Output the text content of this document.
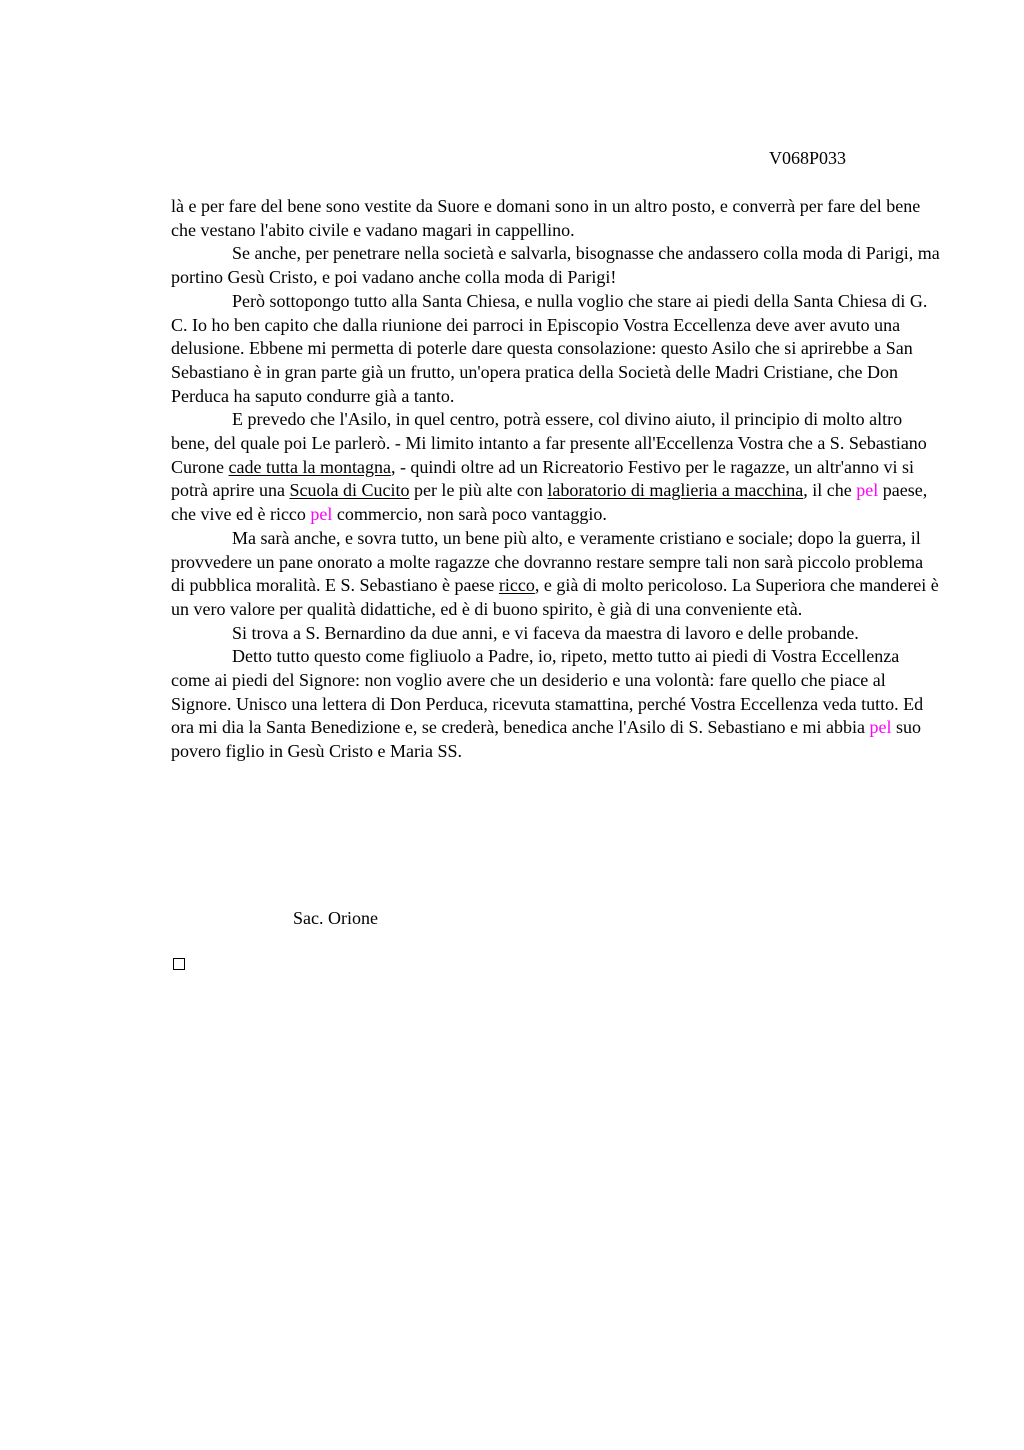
V068P033

là e per fare del bene sono vestite da Suore e domani sono in un altro posto, e converrà per fare del bene che vestano l'abito civile e vadano magari in cappellino.

Se anche, per penetrare nella società e salvarla, bisognasse che andassero colla moda di Parigi, ma portino Gesù Cristo, e poi vadano anche colla moda di Parigi!

Però sottopongo tutto alla Santa Chiesa, e nulla voglio che stare ai piedi della Santa Chiesa di G. C. Io ho ben capito che dalla riunione dei parroci in Episcopio Vostra Eccellenza deve aver avuto una delusione. Ebbene mi permetta di poterle dare questa consolazione: questo Asilo che si aprirebbe a San Sebastiano è in gran parte già un frutto, un'opera pratica della Società delle Madri Cristiane, che Don Perduca ha saputo condurre già a tanto.

E prevedo che l'Asilo, in quel centro, potrà essere, col divino aiuto, il principio di molto altro bene, del quale poi Le parlerò. - Mi limito intanto a far presente all'Eccellenza Vostra che a S. Sebastiano Curone cade tutta la montagna, - quindi oltre ad un Ricreatorio Festivo per le ragazze, un altr'anno vi si potrà aprire una Scuola di Cucito per le più alte con laboratorio di maglieria a macchina, il che pel paese, che vive ed è ricco pel commercio, non sarà poco vantaggio.

Ma sarà anche, e sovra tutto, un bene più alto, e veramente cristiano e sociale; dopo la guerra, il provvedere un pane onorato a molte ragazze che dovranno restare sempre tali non sarà piccolo problema di pubblica moralità. E S. Sebastiano è paese ricco, e già di molto pericoloso. La Superiora che manderei è un vero valore per qualità didattiche, ed è di buono spirito, è già di una conveniente età.

Si trova a S. Bernardino da due anni, e vi faceva da maestra di lavoro e delle probande.

Detto tutto questo come figliuolo a Padre, io, ripeto, metto tutto ai piedi di Vostra Eccellenza come ai piedi del Signore: non voglio avere che un desiderio e una volontà: fare quello che piace al Signore. Unisco una lettera di Don Perduca, ricevuta stamattina, perché Vostra Eccellenza veda tutto. Ed ora mi dia la Santa Benedizione e, se crederà, benedica anche l'Asilo di S. Sebastiano e mi abbia pel suo povero figlio in Gesù Cristo e Maria SS.

Sac. Orione
